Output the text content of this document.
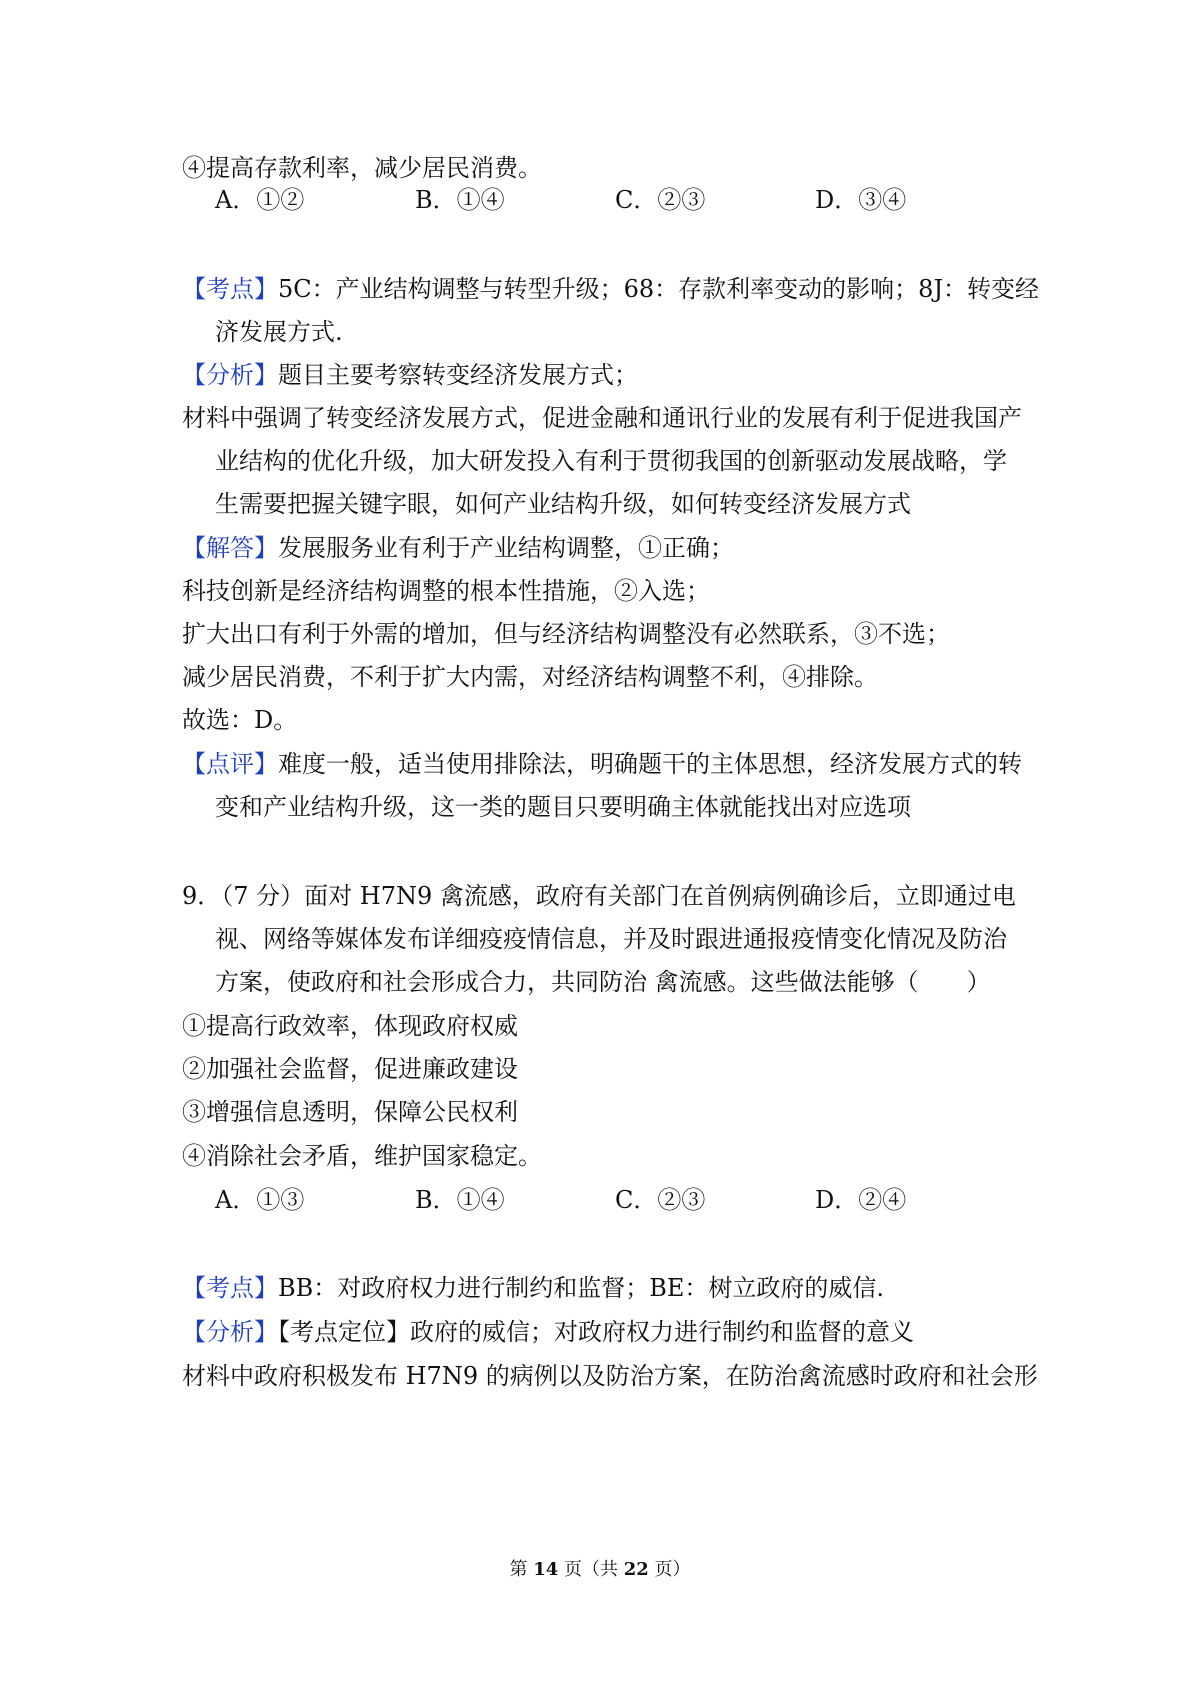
④提高存款利率，减少居民消费。
A．①②	B．①④	C．②③	D．③④
【考点】5C：产业结构调整与转型升级；68：存款利率变动的影响；8J：转变经
济发展方式.
【分析】题目主要考察转变经济发展方式；
材料中强调了转变经济发展方式，促进金融和通讯行业的发展有利于促进我国产
业结构的优化升级，加大研发投入有利于贯彻我国的创新驱动发展战略，学
生需要把握关键字眼，如何产业结构升级，如何转变经济发展方式
【解答】发展服务业有利于产业结构调整，①正确；
科技创新是经济结构调整的根本性措施，②入选；
扩大出口有利于外需的增加，但与经济结构调整没有必然联系，③不选；
减少居民消费，不利于扩大内需，对经济结构调整不利，④排除。
故选：D。
【点评】难度一般，适当使用排除法，明确题干的主体思想，经济发展方式的转
变和产业结构升级，这一类的题目只要明确主体就能找出对应选项
9．（7 分）面对 H7N9 禽流感，政府有关部门在首例病例确诊后，立即通过电
视、网络等媒体发布详细疫疫情信息，并及时跟进通报疫情变化情况及防治
方案，使政府和社会形成合力，共同防治 禽流感。这些做法能够（　　）
①提高行政效率，体现政府权威
②加强社会监督，促进廉政建设
③增强信息透明，保障公民权利
④消除社会矛盾，维护国家稳定。
A．①③	B．①④	C．②③	D．②④
【考点】BB：对政府权力进行制约和监督；BE：树立政府的威信.
【分析】【考点定位】政府的威信；对政府权力进行制约和监督的意义
材料中政府积极发布 H7N9 的病例以及防治方案，在防治禽流感时政府和社会形
第 14 页（共 22 页）
